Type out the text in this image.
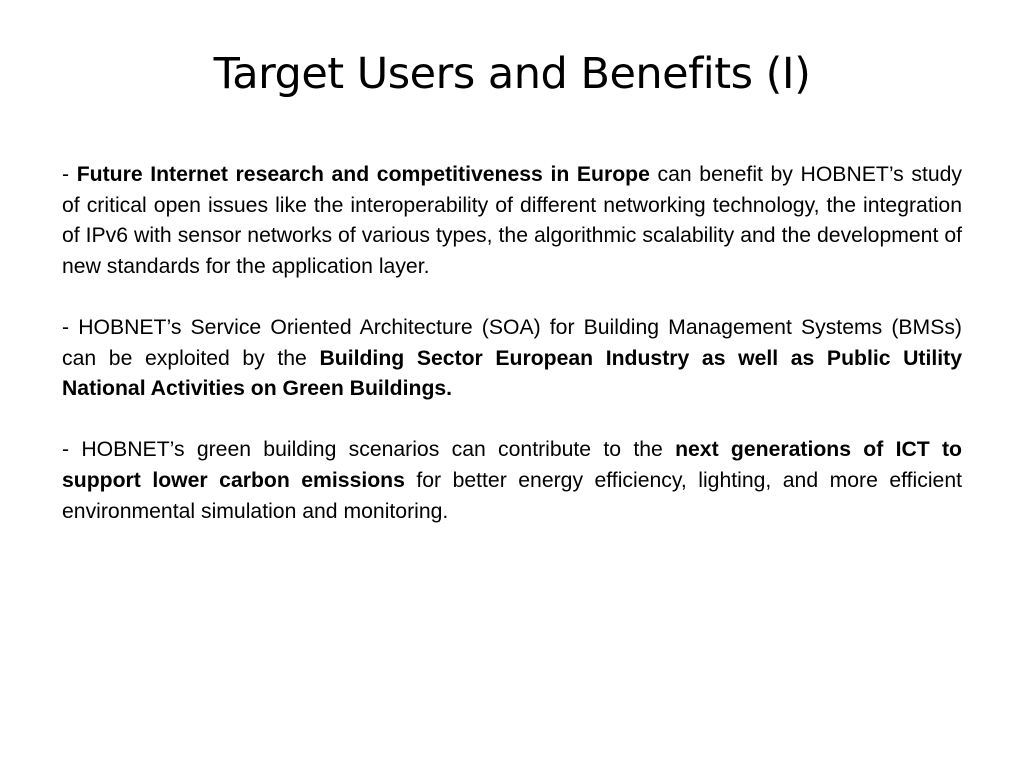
Target Users and Benefits (I)

- Future Internet research and competitiveness in Europe can benefit by HOBNET’s study of critical open issues like the interoperability of different networking technology, the integration of IPv6 with sensor networks of various types, the algorithmic scalability and the development of new standards for the application layer.

- HOBNET’s Service Oriented Architecture (SOA) for Building Management Systems (BMSs) can be exploited by the Building Sector European Industry as well as Public Utility National Activities on Green Buildings.

- HOBNET’s green building scenarios can contribute to the next generations of ICT to support lower carbon emissions for better energy efficiency, lighting, and more efficient environmental simulation and monitoring.
